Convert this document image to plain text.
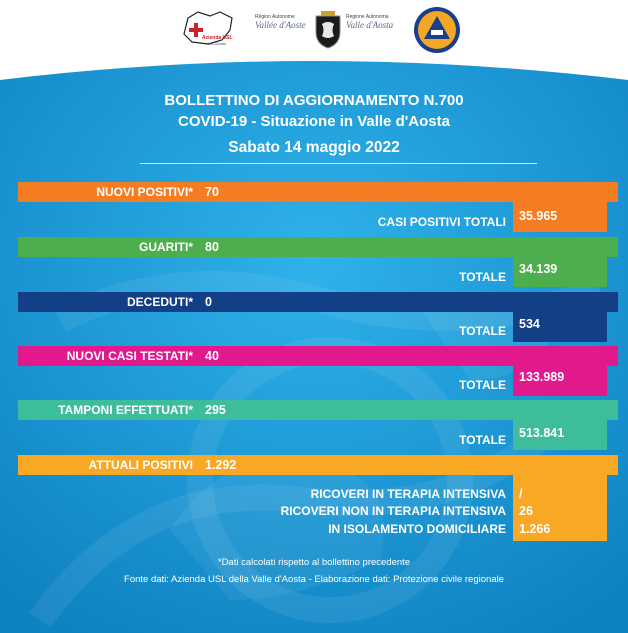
Azienda USL
Valle d'Aosta
Région Autonome
Vallée d'Aoste
Regione Autonoma
Valle d'Aosta
BOLLETTINO DI AGGIORNAMENTO N.700
COVID-19 - Situazione in Valle d'Aosta
Sabato 14 maggio 2022
NUOVI POSITIVI* 70
CASI POSITIVI TOTALI 35.965
GUARITI* 80
TOTALE
34.139
DECEDUTI* 0
TOTALE 534
NUOVI CASI TESTATI* 40
TOTALE
133.989
TAMPONI EFFETTUATI* 295
TOTALE 513.841
ATTUALI POSITIVI 1.292
RICOVERI IN TERAPIA INTENSIVA /
RICOVERI NON IN TERAPIA INTENSIVA 26
IN ISOLAMENTO DOMICILIARE 1.266
*Dati calcolati rispetto al bollettino precedente
Fonte dati: Azienda USL della Valle d'Aosta - Elaborazione dati: Protezione civile regionale
